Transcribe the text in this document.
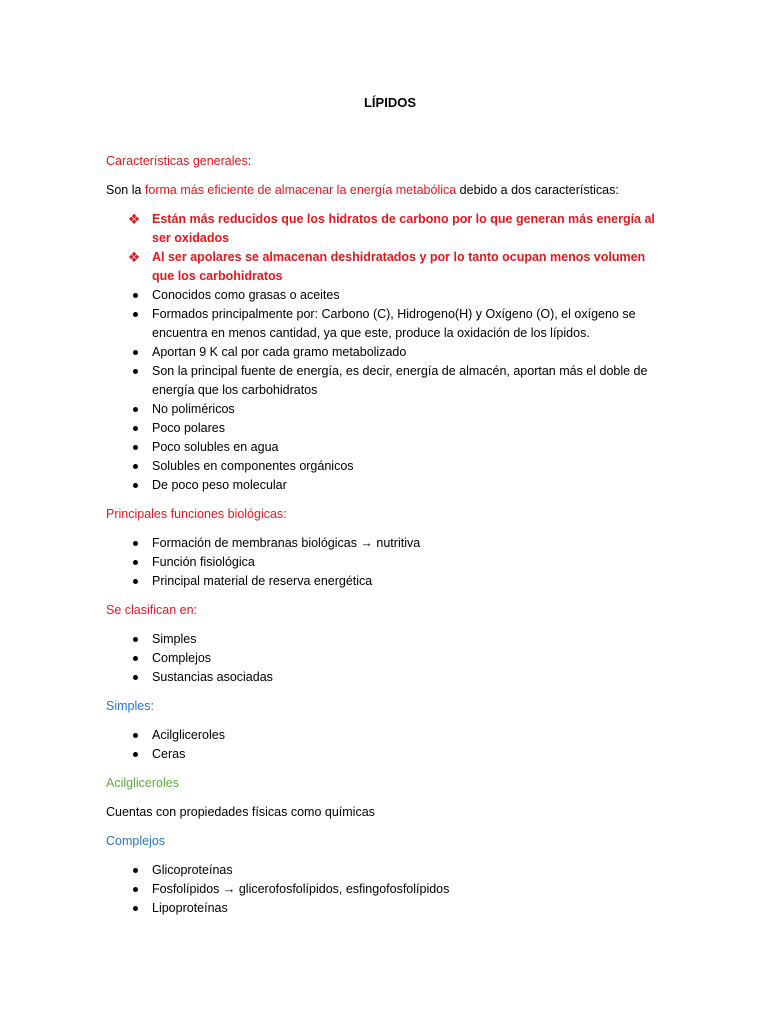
LÍPIDOS

Características generales:

Son la forma más eficiente de almacenar la energía metabólica debido a dos características:

❖ Están más reducidos que los hidratos de carbono por lo que generan más energía al ser oxidados
❖ Al ser apolares se almacenan deshidratados y por lo tanto ocupan menos volumen que los carbohidratos
Conocidos como grasas o aceites
Formados principalmente por: Carbono (C), Hidrogeno(H) y Oxígeno (O), el oxígeno se encuentra en menos cantidad, ya que este, produce la oxidación de los lípidos.
Aportan 9 K cal por cada gramo metabolizado
Son la principal fuente de energía, es decir, energía de almacén, aportan más el doble de energía que los carbohidratos
No poliméricos
Poco polares
Poco solubles en agua
Solubles en componentes orgánicos
De poco peso molecular

Principales funciones biológicas:

Formación de membranas biológicas → nutritiva
Función fisiológica
Principal material de reserva energética

Se clasifican en:

Simples
Complejos
Sustancias asociadas

Simples:

Acilgliceroles
Ceras

Acilgliceroles

Cuentas con propiedades físicas como químicas

Complejos

Glicoproteínas
Fosfolípidos → glicerofosfolípidos, esfingofosfolípidos
Lipoproteínas
